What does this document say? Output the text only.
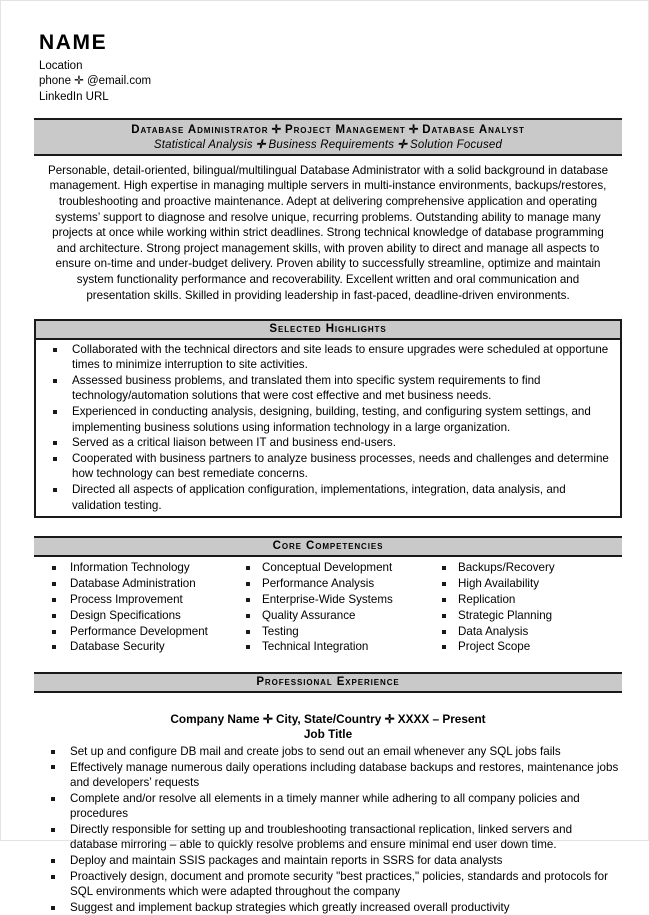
NAME
Location
phone ✛ @email.com
LinkedIn URL
Database Administrator ✛ Project Management ✛ Database Analyst
Statistical Analysis ✛ Business Requirements ✛ Solution Focused
Personable, detail-oriented, bilingual/multilingual Database Administrator with a solid background in database management. High expertise in managing multiple servers in multi-instance environments, backups/restores, troubleshooting and proactive maintenance. Adept at delivering comprehensive application and operating systems’ support to diagnose and resolve unique, recurring problems. Outstanding ability to manage many projects at once while working within strict deadlines. Strong technical knowledge of database programming and architecture. Strong project management skills, with proven ability to direct and manage all aspects to ensure on-time and under-budget delivery. Proven ability to successfully streamline, optimize and maintain system functionality performance and recoverability. Excellent written and oral communication and presentation skills. Skilled in providing leadership in fast-paced, deadline-driven environments.
Selected Highlights
Collaborated with the technical directors and site leads to ensure upgrades were scheduled at opportune times to minimize interruption to site activities.
Assessed business problems, and translated them into specific system requirements to find technology/automation solutions that were cost effective and met business needs.
Experienced in conducting analysis, designing, building, testing, and configuring system settings, and implementing business solutions using information technology in a large organization.
Served as a critical liaison between IT and business end-users.
Cooperated with business partners to analyze business processes, needs and challenges and determine how technology can best remediate concerns.
Directed all aspects of application configuration, implementations, integration, data analysis, and validation testing.
Core Competencies
Information Technology
Database Administration
Process Improvement
Design Specifications
Performance Development
Database Security
Conceptual Development
Performance Analysis
Enterprise-Wide Systems
Quality Assurance
Testing
Technical Integration
Backups/Recovery
High Availability
Replication
Strategic Planning
Data Analysis
Project Scope
Professional Experience
Company Name ✛ City, State/Country ✛ XXXX – Present
Job Title
Set up and configure DB mail and create jobs to send out an email whenever any SQL jobs fails
Effectively manage numerous daily operations including database backups and restores, maintenance jobs and developers’ requests
Complete and/or resolve all elements in a timely manner while adhering to all company policies and procedures
Directly responsible for setting up and troubleshooting transactional replication, linked servers and database mirroring – able to quickly resolve problems and ensure minimal end user down time.
Deploy and maintain SSIS packages and maintain reports in SSRS for data analysts
Proactively design, document and promote security "best practices," policies, standards and protocols for SQL environments which were adapted throughout the company
Suggest and implement backup strategies which greatly increased overall productivity
